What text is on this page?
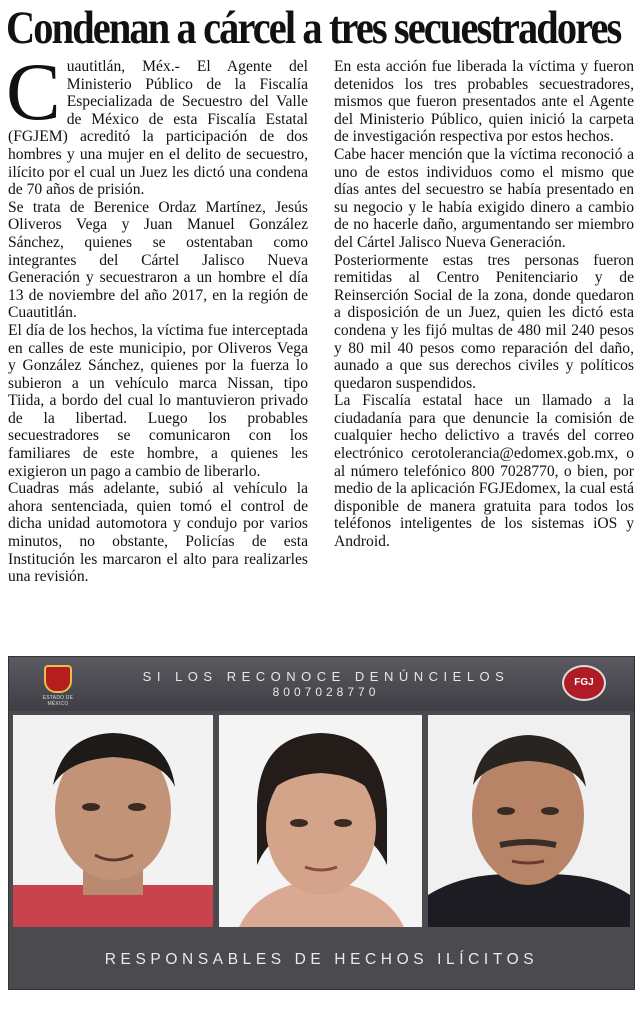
Condenan a cárcel a tres secuestradores
C uautitlán, Méx.- El Agente del Ministerio Público de la Fiscalía Especializada de Secuestro del Valle de México de esta Fiscalía Estatal (FGJEM) acreditó la participación de dos hombres y una mujer en el delito de secuestro, ilícito por el cual un Juez les dictó una condena de 70 años de prisión.

Se trata de Berenice Ordaz Martínez, Jesús Oliveros Vega y Juan Manuel González Sánchez, quienes se ostentaban como integrantes del Cártel Jalisco Nueva Generación y secuestraron a un hombre el día 13 de noviembre del año 2017, en la región de Cuautitlán.

El día de los hechos, la víctima fue interceptada en calles de este municipio, por Oliveros Vega y González Sánchez, quienes por la fuerza lo subieron a un vehículo marca Nissan, tipo Tiida, a bordo del cual lo mantuvieron privado de la libertad. Luego los probables secuestradores se comunicaron con los familiares de este hombre, a quienes les exigieron un pago a cambio de liberarlo.

Cuadras más adelante, subió al vehículo la ahora sentenciada, quien tomó el control de dicha unidad automotora y condujo por varios minutos, no obstante, Policías de esta Institución les marcaron el alto para realizarles una revisión.

En esta acción fue liberada la víctima y fueron detenidos los tres probables secuestradores, mismos que fueron presentados ante el Agente del Ministerio Público, quien inició la carpeta de investigación respectiva por estos hechos.

Cabe hacer mención que la víctima reconoció a uno de estos individuos como el mismo que días antes del secuestro se había presentado en su negocio y le había exigido dinero a cambio de no hacerle daño, argumentando ser miembro del Cártel Jalisco Nueva Generación.

Posteriormente estas tres personas fueron remitidas al Centro Penitenciario y de Reinserción Social de la zona, donde quedaron a disposición de un Juez, quien les dictó esta condena y les fijó multas de 480 mil 240 pesos y 80 mil 40 pesos como reparación del daño, aunado a que sus derechos civiles y políticos quedaron suspendidos.

La Fiscalía estatal hace un llamado a la ciudadanía para que denuncie la comisión de cualquier hecho delictivo a través del correo electrónico cerotolerancia@edomex.gob.mx, o al número telefónico 800 7028770, o bien, por medio de la aplicación FGJEdomex, la cual está disponible de manera gratuita para todos los teléfonos inteligentes de los sistemas iOS y Android.

ESTADO DE MÉXICO
SI LOS RECONOCE DENÚNCIELOS
8007028770
FGJ
RESPONSABLES DE HECHOS ILÍCITOS
